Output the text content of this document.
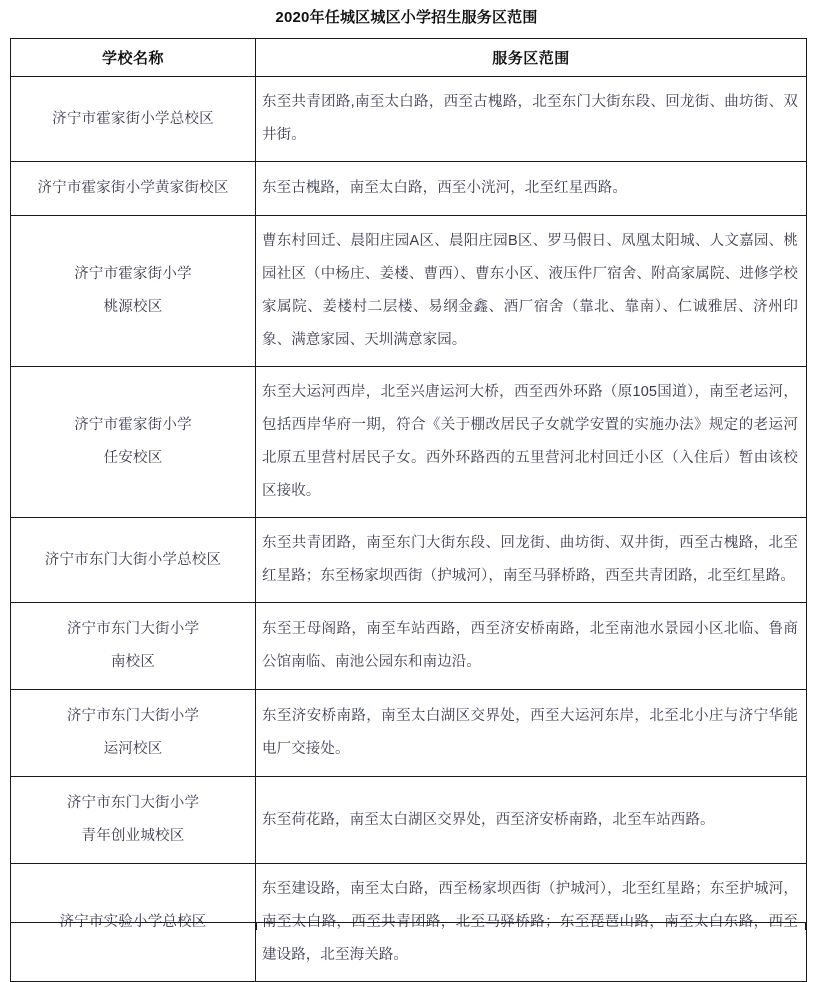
2020年任城区城区小学招生服务区范围
学校名称	服务区范围

济宁市霍家街小学总校区	东至共青团路,南至太白路，西至古槐路，北至东门大街东段、回龙街、曲坊街、双井街。

济宁市霍家街小学黄家街校区	东至古槐路，南至太白路，西至小洸河，北至红星西路。

济宁市霍家街小学
桃源校区	曹东村回迁、晨阳庄园A区、晨阳庄园B区、罗马假日、凤凰太阳城、人文嘉园、桃园社区（中杨庄、姜楼、曹西）、曹东小区、液压件厂宿舍、附高家属院、进修学校家属院、姜楼村二层楼、易纲金鑫、酒厂宿舍（靠北、靠南）、仁诚雅居、济州印象、满意家园、天圳满意家园。

济宁市霍家街小学
任安校区	东至大运河西岸，北至兴唐运河大桥，西至西外环路（原105国道），南至老运河，包括西岸华府一期，符合《关于棚改居民子女就学安置的实施办法》规定的老运河北原五里营村居民子女。西外环路西的五里营河北村回迁小区（入住后）暂由该校区接收。

济宁市东门大街小学总校区	东至共青团路，南至东门大街东段、回龙街、曲坊街、双井街，西至古槐路，北至红星路；东至杨家坝西街（护城河），南至马驿桥路，西至共青团路，北至红星路。

济宁市东门大街小学
南校区	东至王母阁路，南至车站西路，西至济安桥南路，北至南池水景园小区北临、鲁商公馆南临、南池公园东和南边沿。

济宁市东门大街小学
运河校区	东至济安桥南路，南至太白湖区交界处，西至大运河东岸，北至北小庄与济宁华能电厂交接处。

济宁市东门大街小学
青年创业城校区	东至荷花路，南至太白湖区交界处，西至济安桥南路，北至车站西路。

济宁市实验小学总校区	东至建设路，南至太白路，西至杨家坝西街（护城河），北至红星路；东至护城河，南至太白路，西至共青团路，北至马驿桥路；东至琵琶山路，南至太白东路，西至建设路，北至海关路。
